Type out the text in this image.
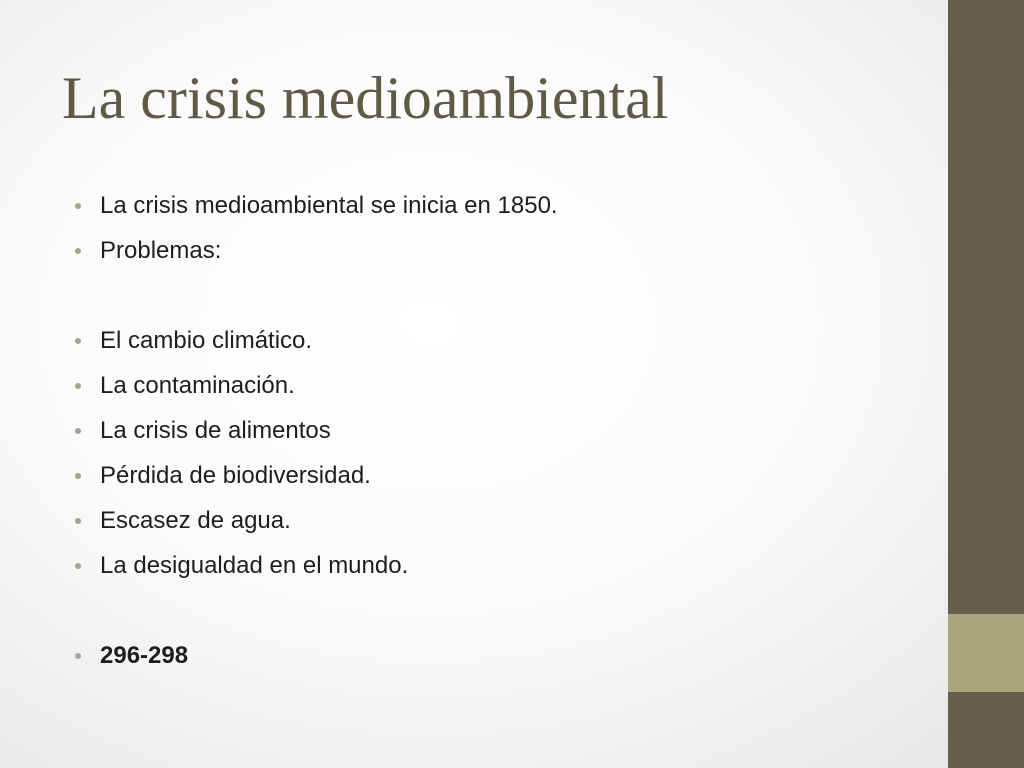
La crisis medioambiental
La crisis medioambiental se inicia en 1850.
Problemas:
El cambio climático.
La contaminación.
La crisis de alimentos
Pérdida de biodiversidad.
Escasez de agua.
La desigualdad en el mundo.
296-298
